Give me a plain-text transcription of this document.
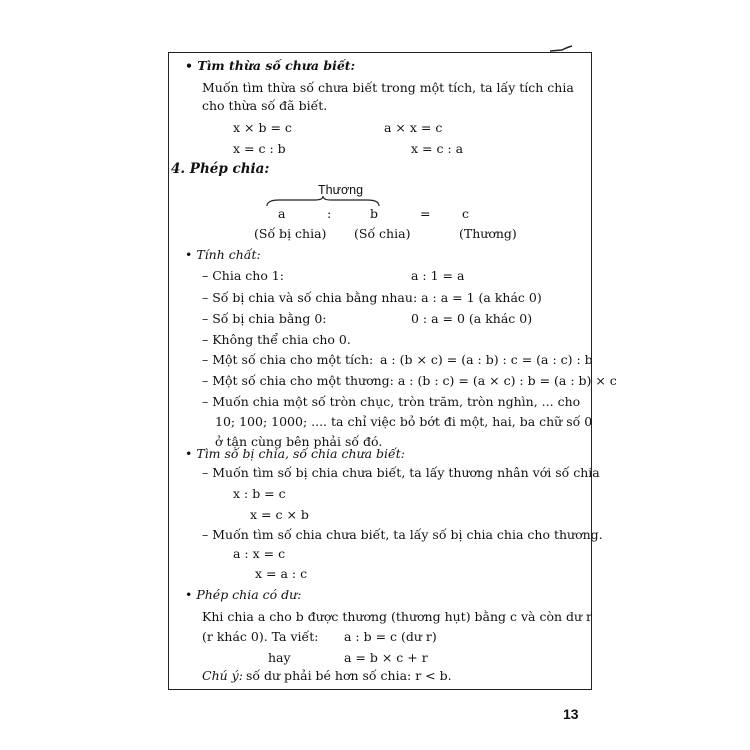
• Tìm thừa số chưa biết:
Muốn tìm thừa số chưa biết trong một tích, ta lấy tích chia
cho thừa số đã biết.
x × b = c	a × x = c
x = c : b	x = c : a
4. Phép chia:
Thương
a	:	b	=	c
(Số bị chia) (Số chia)	(Thương)
• Tính chất:
– Chia cho 1:	a : 1 = a
– Số bị chia và số chia bằng nhau: a : a = 1 (a khác 0)
– Số bị chia bằng 0:	0 : a = 0 (a khác 0)
– Không thể chia cho 0.
– Một số chia cho một tích: a : (b × c) = (a : b) : c = (a : c) : b
– Một số chia cho một thương: a : (b : c) = (a × c) : b = (a : b) × c
– Muốn chia một số tròn chục, tròn trăm, tròn nghìn, ... cho
10; 100; 1000; .... ta chỉ việc bỏ bớt đi một, hai, ba chữ số 0
ở tận cùng bên phải số đó.
• Tìm số bị chia, số chia chưa biết:
– Muốn tìm số bị chia chưa biết, ta lấy thương nhân với số chia
x : b = c
x = c × b
– Muốn tìm số chia chưa biết, ta lấy số bị chia chia cho thương.
a : x = c
x = a : c
• Phép chia có dư:
Khi chia a cho b được thương (thương hụt) bằng c và còn dư r
(r khác 0). Ta viết: a : b = c (dư r)
hay	a = b × c + r
Chú ý: số dư phải bé hơn số chia: r < b.
13
